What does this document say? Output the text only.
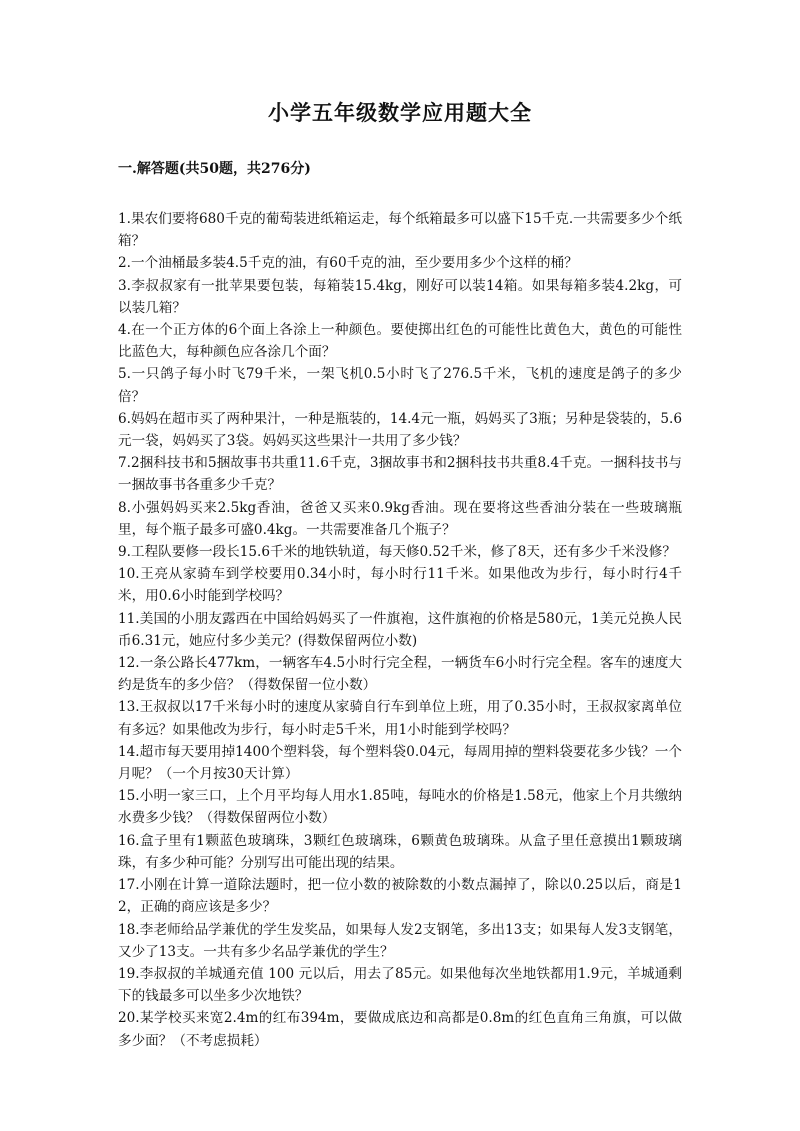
小学五年级数学应用题大全
一.解答题(共50题，共276分)
1.果农们要将680千克的葡萄装进纸箱运走，每个纸箱最多可以盛下15千克.一共需要多少个纸箱？
2.一个油桶最多装4.5千克的油，有60千克的油，至少要用多少个这样的桶？
3.李叔叔家有一批苹果要包装，每箱装15.4kg，刚好可以装14箱。如果每箱多装4.2kg，可以装几箱？
4.在一个正方体的6个面上各涂上一种颜色。要使掷出红色的可能性比黄色大，黄色的可能性比蓝色大，每种颜色应各涂几个面？
5.一只鸽子每小时飞79千米，一架飞机0.5小时飞了276.5千米，飞机的速度是鸽子的多少倍？
6.妈妈在超市买了两种果汁，一种是瓶装的，14.4元一瓶，妈妈买了3瓶；另种是袋装的，5.6元一袋，妈妈买了3袋。妈妈买这些果汁一共用了多少钱？
7.2捆科技书和5捆故事书共重11.6千克，3捆故事书和2捆科技书共重8.4千克。一捆科技书与一捆故事书各重多少千克？
8.小强妈妈买来2.5kg香油，爸爸又买来0.9kg香油。现在要将这些香油分装在一些玻璃瓶里，每个瓶子最多可盛0.4kg。一共需要准备几个瓶子？
9.工程队要修一段长15.6千米的地铁轨道，每天修0.52千米，修了8天，还有多少千米没修？
10.王亮从家骑车到学校要用0.34小时，每小时行11千米。如果他改为步行，每小时行4千米，用0.6小时能到学校吗？
11.美国的小朋友露西在中国给妈妈买了一件旗袍，这件旗袍的价格是580元，1美元兑换人民币6.31元，她应付多少美元？(得数保留两位小数)
12.一条公路长477km，一辆客车4.5小时行完全程，一辆货车6小时行完全程。客车的速度大约是货车的多少倍？（得数保留一位小数）
13.王叔叔以17千米每小时的速度从家骑自行车到单位上班，用了0.35小时，王叔叔家离单位有多远？如果他改为步行，每小时走5千米，用1小时能到学校吗？
14.超市每天要用掉1400个塑料袋，每个塑料袋0.04元，每周用掉的塑料袋要花多少钱？一个月呢？（一个月按30天计算）
15.小明一家三口，上个月平均每人用水1.85吨，每吨水的价格是1.58元，他家上个月共缴纳水费多少钱？（得数保留两位小数）
16.盒子里有1颗蓝色玻璃珠，3颗红色玻璃珠，6颗黄色玻璃珠。从盒子里任意摸出1颗玻璃珠，有多少种可能？分别写出可能出现的结果。
17.小刚在计算一道除法题时，把一位小数的被除数的小数点漏掉了，除以0.25以后，商是12，正确的商应该是多少？
18.李老师给品学兼优的学生发奖品，如果每人发2支钢笔，多出13支；如果每人发3支钢笔，又少了13支。一共有多少名品学兼优的学生？
19.李叔叔的羊城通充值 100 元以后，用去了85元。如果他每次坐地铁都用1.9元，羊城通剩下的钱最多可以坐多少次地铁？
20.某学校买来宽2.4m的红布394m，要做成底边和高都是0.8m的红色直角三角旗，可以做多少面？（不考虑损耗）
